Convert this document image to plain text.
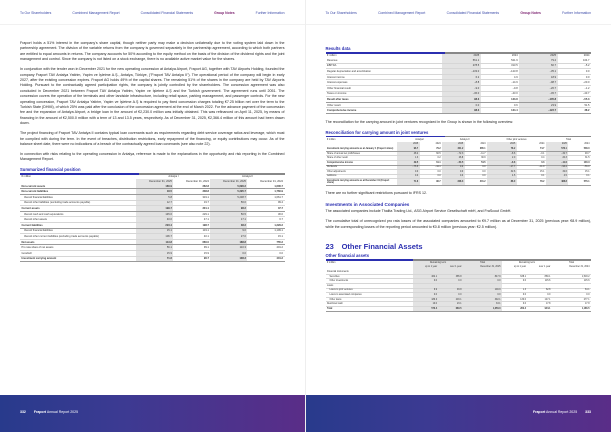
To Our Shareholders	Combined Management Report	Consolidated Financial Statements	Group Notes	Further Information

Fraport holds a 51% interest in the company's share capital, though neither party may make a decision unilaterally due to the voting system laid down in the partnership agreement. The division of the variable returns from the company is governed separately in the partnership agreement, according to which both partners are entitled to equal amounts in returns. The company accounts for 50% according to the equity method on the basis of the division of the dividend rights and the joint management and control. Since the company is not listed on a stock exchange, there is no available active market value for the shares.

In conjunction with the tender won in December 2021 for the new operating concession at Antalya Airport, Fraport AG, together with TAV Airports Holding, founded the company Fraport TAV Antalya Yatirim, Yapim ve İşletme A.Ş., Antalya, Türkiye, ("Fraport TAV Antalya II"). The operational period of the company will begin in early 2027, after the existing concession expires. Fraport AG holds 49% of the capital shares. The remaining 51% of the shares in the company are held by TAV Airports Holding. Pursuant to the contractually agreed participation rights, the company is jointly controlled by the shareholders. The concession agreement was also concluded in December 2021 between Fraport TAV Antalya Yatirim, Yapim ve İşletme A.Ş and the Turkish government. The agreement runs until 2051. The concession covers the operation of the terminals and other landside infrastructure, including retail space, parking management, and passenger controls. For the new operating concession, Fraport TAV Antalya Yatirim, Yapim ve İşletme A.Ş is required to pay fixed concession charges totaling €7.25 billion net over the term to the Turkish State (DHMİ), of which 25% was paid after the conclusion of the concession agreement at the end of March 2022. For the advance payment of the concession fee and the expansion of Antalya Airport, a bridge loan in the amount of €2,230.0 million was initially obtained. This was refinanced on April 11, 2025, by means of financing in the amount of €2,500.0 million with a term of 13 and 13.5 years, respectively. As of December 31, 2025, €2,366.4 million of this amount had been drawn down.

The project financing of Fraport TAV Antalya II contains typical loan covenants such as requirements regarding debt service coverage ratios and leverage, which must be complied with during the term. In the event of breaches, distribution restrictions, early repayment of the financing, or equity contributions may occur. As of the balance sheet date, there were no indications of a breach of the contractually agreed loan covenants (see also note 22).

In connection with risks relating to the operating concession in Antalya, reference is made to the explanations in the opportunity and risk reporting in the Combined Management Report.

Summarized financial position
€ million	Antalya I		Antalya II	
	December 31, 2025	December 31, 2024	December 31, 2025	December 31, 2024
Non-current assets	160.9	262.8	5,696.2	1,606.7
Non-current liabilities	18.5	338.8	5,295.7	1,760.9
thereof financial liabilities	5.8	319.1	5,238.7	1,661.7
thereof other liabilities (excluding trade accounts payable)	12.7	19.7	56.0	99.4
Current assets	199.7	301.1	98.2	37.7
thereof cash and cash equivalents	145.6	229.1	50.5	30.0
thereof other assets	40.0	47.1	17.1	6.7
Current liabilities	223.4	198.7	38.2	1,229.2
thereof financial liabilities	15.1	119.1	9.0	1,199.1
thereof other current liabilities (excluding trade accounts payable)	106.7	40.1	27.0	15.1
Net assets	113.8	660.0	188.8	755.2
Pro rata share of net assets	56.1	99.1	110.3	401.2
Goodwill	15.9	15.9	0.0	0.0
Investment carrying amount	71.6	96.7	108.3	401.2
332 Fraport Annual Report 2025
To Our Shareholders	Combined Management Report	Consolidated Financial Statements	Group Notes	Further Information
Results data
€ million	2025	2024	2025	2024
Revenue	561.1	521.9	79.2	104.7
EBITDA	278.5	313.5	60.7	−5.2
Regular depreciation and amortization	−133.0	−123.8	−35.1	0.0
Interest income	6.2	4.9	18.9	0.0
Interest expenses	−8.8	−14.9	−98.7	−20.0
Other financial result	−9.0	−9.8	−26.7	−1.2
Taxes on income	−36.0	−43.0	−45.7	−43.7
Result after taxes	98.3	133.8	−105.8	−55.3
Other result	0.0	0.6	23.9	51.5
Comprehensive income	98.3	134.4	−122.7	38.2

The reconciliation for the carrying amount in joint ventures recognized in the Group is shown in the following overview:

Reconciliation for carrying amount in joint ventures
€ million	Antalya I		Antalya II		Other joint ventures		Total	
	2025	2024	2025	2024	2025	2024	2025	2024
Investment carrying amounts as at January 1 (Fraport share)	96.7	79.2	401.2	385.1	78.2	74.7	576.1	538.0
Share of annual net profit/losses	48.2	60.5	−72.3	−11.7	−8.6	−0.1	−32.7	48.7
Share of other result	1.3	0.2	26.8	30.9	2.0	0.4	20.3	31.5
Comprehensive income	49.5	61.1	−54.5	54.5	−6.6	0.3	−11.6	100.3
Dividends	−75.5	−44.1	0.0	0.0	−17.7	−11.9	−93.2	−56.0
Other adjustments	0.0	0.0	0.0	0.0	32.6	15.1	32.6	15.1
Additions	0.0	0.0	0.0	0.0	4.5	0.1	4.5	0.1
Investment carrying amounts as at December 31 (Fraport share)	71.6	96.7	328.3	401.2	88.0	78.2	488.8	576.1

There are no further significant restrictions pursuant to IFRS 12.

Investments in Associated Companies

The associated companies include Thalita Trading Ltd., ASG Airport Service Gesellschaft mbH, and FraScout GmbH.

The cumulative total of unrecognized pro rata losses of the associated companies amounted to €9.7 million as at December 31, 2025 (previous year: €8.9 million), while the corresponding losses of the reporting period amounted to €0.8 million (previous year: €2.5 million).

23 Other Financial Assets
Other financial assets
€ million	Remaining term		Total	Remaining term		Total
	up to 1 year	over 1 year	December 31, 2025	up to 1 year	over 1 year	December 31, 2024
Financial instruments						
Securities	462.1	385.8	847.9	638.1	880.1	1,518.2
Other investments	0.0	0.0	0.0	0.0	115.6	115.6
Loans						
Loans to joint ventures	6.9	93.8	100.9	1.3	62.8	64.1
Loans to associated companies	0.0	0.0	0.0	0.0	0.0	0.0
Other loans	189.0	203.1	392.1	130.0	147.1	277.1
Restricted cash	10.0	23.1	33.1	0.0	17.8	17.8
Total	570.4	683.5	1,356.0	282.4	904.1	1,186.5
Fraport Annual Report 2025 333
